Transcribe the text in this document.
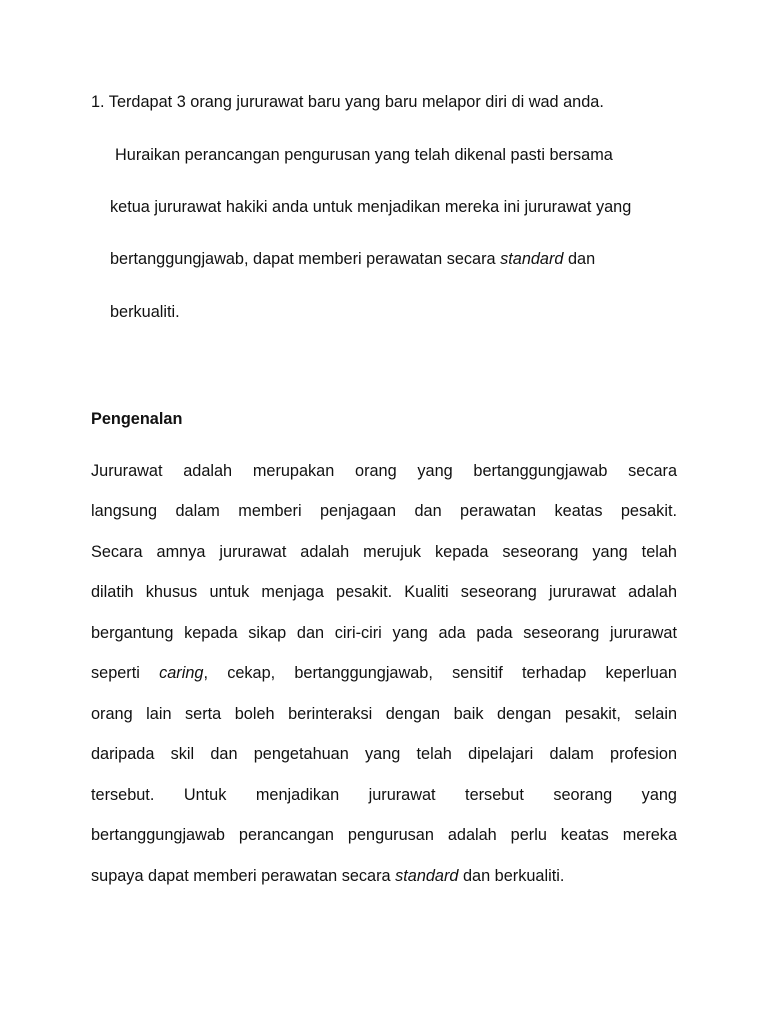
1. Terdapat 3 orang jururawat baru yang baru melapor diri di wad anda.
Huraikan perancangan pengurusan yang telah dikenal pasti bersama
ketua jururawat hakiki anda untuk menjadikan mereka ini jururawat yang
bertanggungjawab, dapat memberi perawatan secara standard dan
berkualiti.
Pengenalan
Jururawat adalah merupakan orang yang bertanggungjawab secara
langsung dalam memberi penjagaan dan perawatan keatas pesakit.
Secara amnya jururawat adalah merujuk kepada seseorang yang telah
dilatih khusus untuk menjaga pesakit. Kualiti seseorang jururawat adalah
bergantung kepada sikap dan ciri-ciri yang ada pada seseorang jururawat
seperti caring, cekap, bertanggungjawab, sensitif terhadap keperluan
orang lain serta boleh berinteraksi dengan baik dengan pesakit, selain
daripada skil dan pengetahuan yang telah dipelajari dalam profesion
tersebut. Untuk menjadikan jururawat tersebut seorang yang
bertanggungjawab perancangan pengurusan adalah perlu keatas mereka
supaya dapat memberi perawatan secara standard dan berkualiti.
